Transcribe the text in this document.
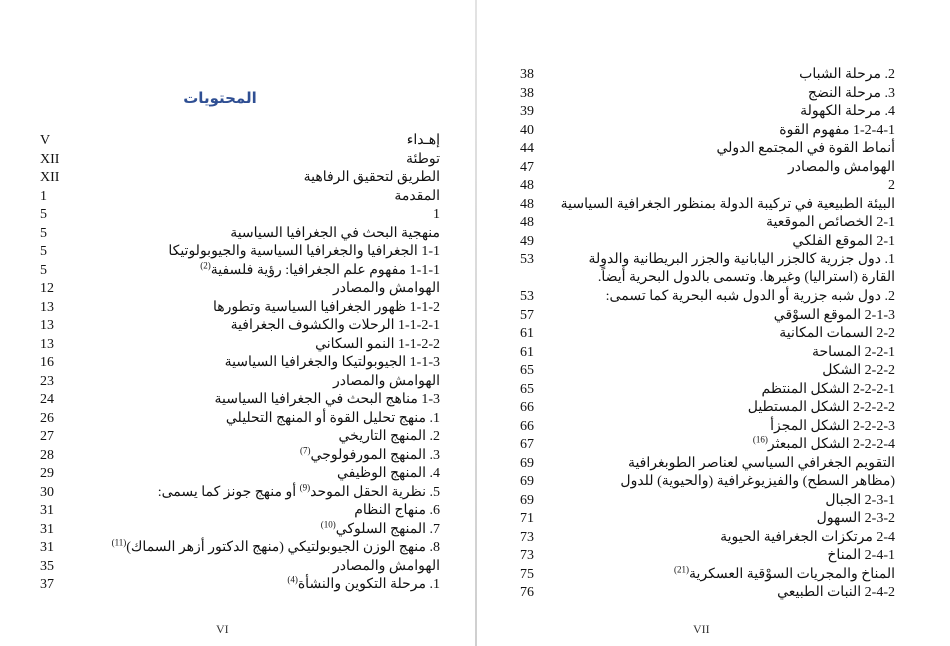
المحتويات
V	إهـداء
XII	توطئة
XII	الطريق لتحقيق الرفاهية
1	المقدمة
5	1
5	منهجية البحث في الجغرافيا السياسية
5	1-1 الجغرافيا والجغرافيا السياسية والجيوبولوتيكا
5	1-1-1 مفهوم علم الجغرافيا: رؤية فلسفية$^{(2)}$
12	الهوامش والمصادر
13	1-1-2 ظهور الجغرافيا السياسية وتطورها
13	1-1-2-1 الرحلات والكشوف الجغرافية
13	1-1-2-2 النمو السكاني
16	1-1-3 الجيوبولتيكا والجغرافيا السياسية
23	الهوامش والمصادر
24	1-3 مناهج البحث في الجغرافيا السياسية
26	1. منهج تحليل القوة أو المنهج التحليلي
27	2. المنهج التاريخي
28	3. المنهج المورفولوجي$^{(7)}$
29	4. المنهج الوظيفي
30	5. نظرية الحقل الموحد$^{(9)}$ أو منهج جونز كما يسمى:
31	6. منهاج النظام
31	7. المنهج السلوكي$^{(10)}$
31	8. منهج الوزن الجيوبولتيكي (منهج الدكتور أزهر السماك)$^{(11)}$
35	الهوامش والمصادر
37	1. مرحلة التكوين والنشأة$^{(4)}$
38	2. مرحلة الشباب
38	3. مرحلة النضج
39	4. مرحلة الكهولة
40	1-2-4-1 مفهوم القوة
44	أنماط القوة في المجتمع الدولي
47	الهوامش والمصادر
48	2
48	البيئة الطبيعية في تركيبة الدولة بمنظور الجغرافية السياسية
48	2-1 الخصائص الموقعية
49	2-1 الموقع الفلكي
53	1. دول جزرية كالجزر اليابانية والجزر البريطانية والدولة القارة (استراليا) وغيرها. وتسمى بالدول البحرية أيضاً.
53	2. دول شبه جزرية أو الدول شبه البحرية كما تسمى:
57	2-1-3 الموقع السوْقي
61	2-2 السمات المكانية
61	2-2-1 المساحة
65	2-2-2 الشكل
65	2-2-2-1 الشكل المنتظم
66	2-2-2-2 الشكل المستطيل
66	2-2-2-3 الشكل المجزأ
67	2-2-2-4 الشكل المبعثر$^{(16)}$
69	التقويم الجغرافي السياسي لعناصر الطوبغرافية
69	(مظاهر السطح) والفيزيوغرافية (والحيوية) للدول
69	2-3-1 الجبال
71	2-3-2 السهول
73	2-4 مرتكزات الجغرافية الحيوية
73	2-4-1 المناخ
75	المناخ والمجريات السوْقية العسكرية$^{(21)}$
76	2-4-2 النبات الطبيعي
VI	VII
